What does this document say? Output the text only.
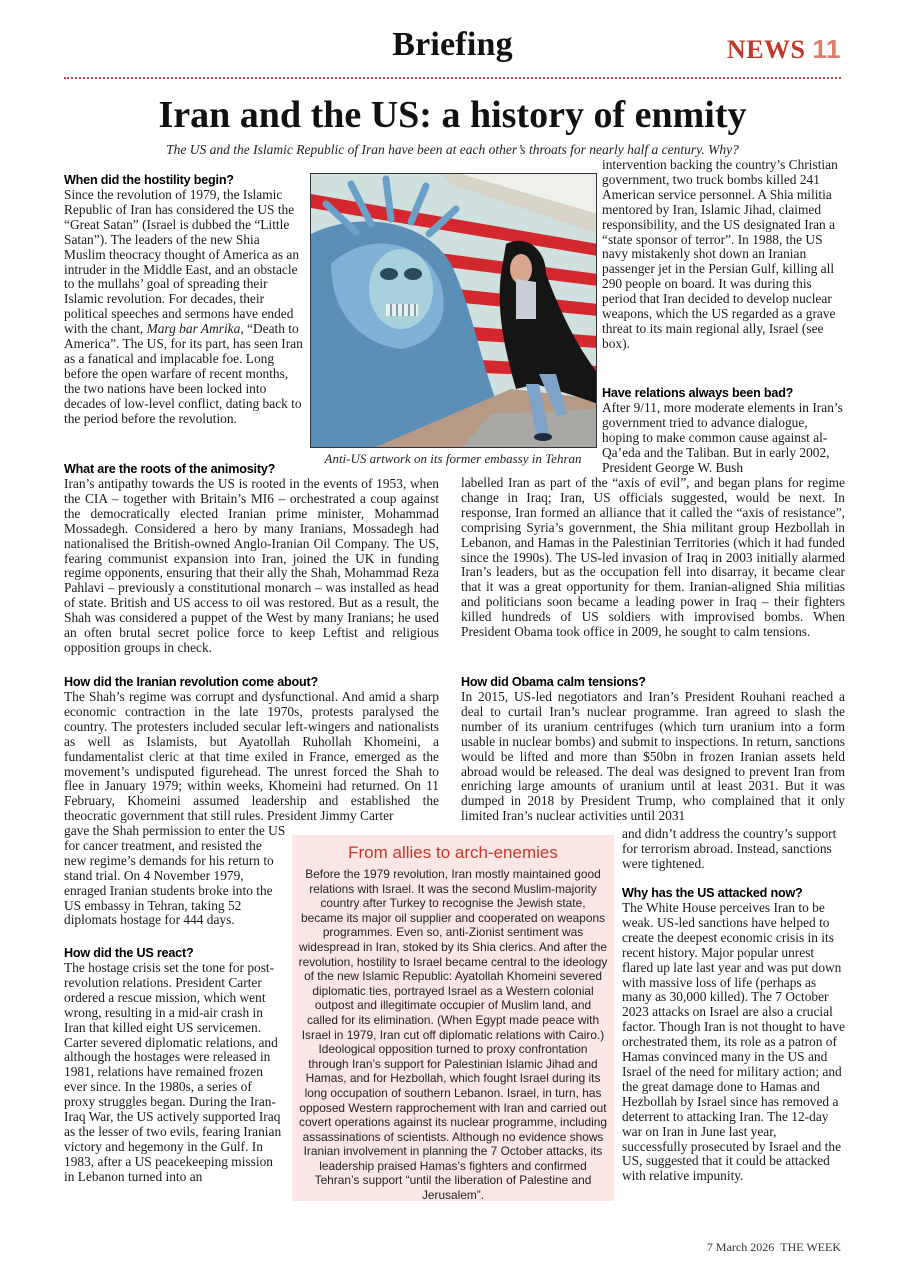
Briefing	NEWS 11
Iran and the US: a history of enmity
The US and the Islamic Republic of Iran have been at each other’s throats for nearly half a century. Why?
When did the hostility begin?
Since the revolution of 1979, the Islamic Republic of Iran has considered the US the “Great Satan” (Israel is dubbed the “Little Satan”). The leaders of the new Shia Muslim theocracy thought of America as an intruder in the Middle East, and an obstacle to the mullahs’ goal of spreading their Islamic revolution. For decades, their political speeches and sermons have ended with the chant, Marg bar Amrika, “Death to America”. The US, for its part, has seen Iran as a fanatical and implacable foe. Long before the open warfare of recent months, the two nations have been locked into decades of low-level conflict, dating back to the period before the revolution.
Anti-US artwork on its former embassy in Tehran
What are the roots of the animosity?
Iran’s antipathy towards the US is rooted in the events of 1953, when the CIA – together with Britain’s MI6 – orchestrated a coup against the democratically elected Iranian prime minister, Mohammad Mossadegh. Considered a hero by many Iranians, Mossadegh had nationalised the British-owned Anglo-Iranian Oil Company. The US, fearing communist expansion into Iran, joined the UK in funding regime opponents, ensuring that their ally the Shah, Mohammad Reza Pahlavi – previously a constitutional monarch – was installed as head of state. British and US access to oil was restored. But as a result, the Shah was considered a puppet of the West by many Iranians; he used an often brutal secret police force to keep Leftist and religious opposition groups in check.
How did the Iranian revolution come about?
The Shah’s regime was corrupt and dysfunctional. And amid a sharp economic contraction in the late 1970s, protests paralysed the country. The protesters included secular left-wingers and nationalists as well as Islamists, but Ayatollah Ruhollah Khomeini, a fundamentalist cleric at that time exiled in France, emerged as the movement’s undisputed figurehead. The unrest forced the Shah to flee in January 1979; within weeks, Khomeini had returned. On 11 February, Khomeini assumed leadership and established the theocratic government that still rules. President Jimmy Carter
gave the Shah permission to enter the US for cancer treatment, and resisted the new regime’s demands for his return to stand trial. On 4 November 1979, enraged Iranian students broke into the US embassy in Tehran, taking 52 diplomats hostage for 444 days.
How did the US react?
The hostage crisis set the tone for post-revolution relations. President Carter ordered a rescue mission, which went wrong, resulting in a mid-air crash in Iran that killed eight US servicemen. Carter severed diplomatic relations, and although the hostages were released in 1981, relations have remained frozen ever since. In the 1980s, a series of proxy struggles began. During the Iran-Iraq War, the US actively supported Iraq as the lesser of two evils, fearing Iranian victory and hegemony in the Gulf. In 1983, after a US peacekeeping mission in Lebanon turned into an
intervention backing the country’s Christian government, two truck bombs killed 241 American service personnel. A Shia militia mentored by Iran, Islamic Jihad, claimed responsibility, and the US designated Iran a “state sponsor of terror”. In 1988, the US navy mistakenly shot down an Iranian passenger jet in the Persian Gulf, killing all 290 people on board. It was during this period that Iran decided to develop nuclear weapons, which the US regarded as a grave threat to its main regional ally, Israel (see box).
Have relations always been bad?
After 9/11, more moderate elements in Iran’s government tried to advance dialogue, hoping to make common cause against al-Qa’eda and the Taliban. But in early 2002, President George W. Bush
labelled Iran as part of the “axis of evil”, and began plans for regime change in Iraq; Iran, US officials suggested, would be next. In response, Iran formed an alliance that it called the “axis of resistance”, comprising Syria’s government, the Shia militant group Hezbollah in Lebanon, and Hamas in the Palestinian Territories (which it had funded since the 1990s). The US-led invasion of Iraq in 2003 initially alarmed Iran’s leaders, but as the occupation fell into disarray, it became clear that it was a great opportunity for them. Iranian-aligned Shia militias and politicians soon became a leading power in Iraq – their fighters killed hundreds of US soldiers with improvised bombs. When President Obama took office in 2009, he sought to calm tensions.
How did Obama calm tensions?
In 2015, US-led negotiators and Iran’s President Rouhani reached a deal to curtail Iran’s nuclear programme. Iran agreed to slash the number of its uranium centrifuges (which turn uranium into a form usable in nuclear bombs) and submit to inspections. In return, sanctions would be lifted and more than $50bn in frozen Iranian assets held abroad would be released. The deal was designed to prevent Iran from enriching large amounts of uranium until at least 2031. But it was dumped in 2018 by President Trump, who complained that it only limited Iran’s nuclear activities until 2031
and didn’t address the country’s support for terrorism abroad. Instead, sanctions were tightened.
Why has the US attacked now?
The White House perceives Iran to be weak. US-led sanctions have helped to create the deepest economic crisis in its recent history. Major popular unrest flared up late last year and was put down with massive loss of life (perhaps as many as 30,000 killed). The 7 October 2023 attacks on Israel are also a crucial factor. Though Iran is not thought to have orchestrated them, its role as a patron of Hamas convinced many in the US and Israel of the need for military action; and the great damage done to Hamas and Hezbollah by Israel since has removed a deterrent to attacking Iran. The 12-day war on Iran in June last year, successfully prosecuted by Israel and the US, suggested that it could be attacked with relative impunity.
From allies to arch-enemies
Before the 1979 revolution, Iran mostly maintained good relations with Israel. It was the second Muslim-majority country after Turkey to recognise the Jewish state, became its major oil supplier and cooperated on weapons programmes. Even so, anti-Zionist sentiment was widespread in Iran, stoked by its Shia clerics. And after the revolution, hostility to Israel became central to the ideology of the new Islamic Republic: Ayatollah Khomeini severed diplomatic ties, portrayed Israel as a Western colonial outpost and illegitimate occupier of Muslim land, and called for its elimination. (When Egypt made peace with Israel in 1979, Iran cut off diplomatic relations with Cairo.) Ideological opposition turned to proxy confrontation through Iran’s support for Palestinian Islamic Jihad and Hamas, and for Hezbollah, which fought Israel during its long occupation of southern Lebanon. Israel, in turn, has opposed Western rapprochement with Iran and carried out covert operations against its nuclear programme, including assassinations of scientists. Although no evidence shows Iranian involvement in planning the 7 October attacks, its leadership praised Hamas’s fighters and confirmed Tehran’s support “until the liberation of Palestine and Jerusalem”.
7 March 2026 THE WEEK
